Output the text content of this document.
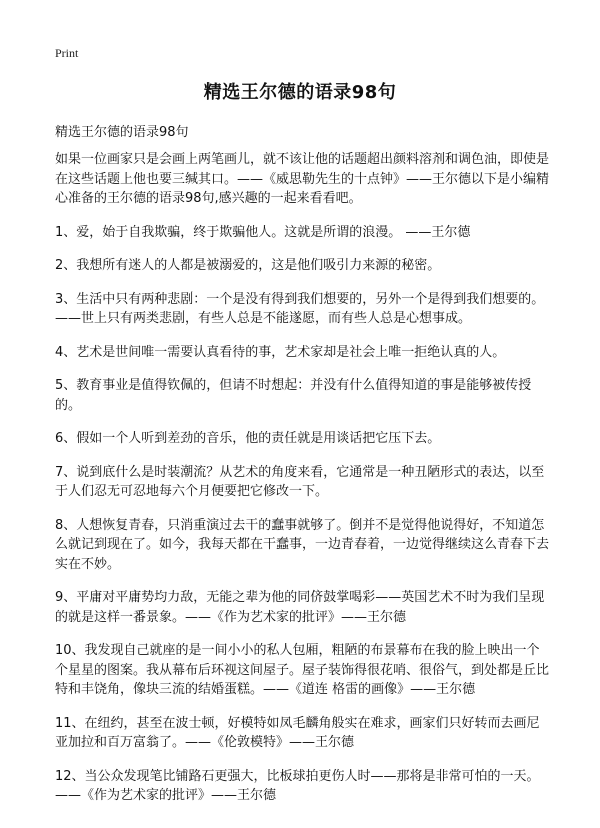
Print
精选王尔德的语录98句
精选王尔德的语录98句

如果一位画家只是会画上两笔画儿，就不该让他的话题超出颜料溶剂和调色油，即使是在这些话题上他也要三缄其口。——《威思勒先生的十点钟》——王尔德以下是小编精心准备的王尔德的语录98句,感兴趣的一起来看看吧。

1、爱，始于自我欺骗，终于欺骗他人。这就是所谓的浪漫。 ——王尔德

2、我想所有迷人的人都是被溺爱的，这是他们吸引力来源的秘密。

3、生活中只有两种悲剧：一个是没有得到我们想要的，另外一个是得到我们想要的。——世上只有两类悲剧，有些人总是不能遂愿，而有些人总是心想事成。

4、艺术是世间唯一需要认真看待的事，艺术家却是社会上唯一拒绝认真的人。

5、教育事业是值得钦佩的，但请不时想起：并没有什么值得知道的事是能够被传授的。

6、假如一个人听到差劲的音乐，他的责任就是用谈话把它压下去。

7、说到底什么是时装潮流？从艺术的角度来看，它通常是一种丑陋形式的表达，以至于人们忍无可忍地每六个月便要把它修改一下。

8、人想恢复青春，只消重演过去干的蠢事就够了。倒并不是觉得他说得好，不知道怎么就记到现在了。如今，我每天都在干蠢事，一边青春着，一边觉得继续这么青春下去实在不妙。

9、平庸对平庸势均力敌，无能之辈为他的同侪鼓掌喝彩——英国艺术不时为我们呈现的就是这样一番景象。——《作为艺术家的批评》——王尔德

10、我发现自己就座的是一间小小的私人包厢，粗陋的布景幕布在我的脸上映出一个个星星的图案。我从幕布后环视这间屋子。屋子装饰得很花哨、很俗气，到处都是丘比特和丰饶角，像块三流的结婚蛋糕。——《道连 格雷的画像》——王尔德

11、在纽约，甚至在波士顿，好模特如凤毛麟角般实在难求，画家们只好转而去画尼亚加拉和百万富翁了。——《伦敦模特》——王尔德

12、当公众发现笔比铺路石更强大，比板球拍更伤人时——那将是非常可怕的一天。——《作为艺术家的批评》——王尔德
